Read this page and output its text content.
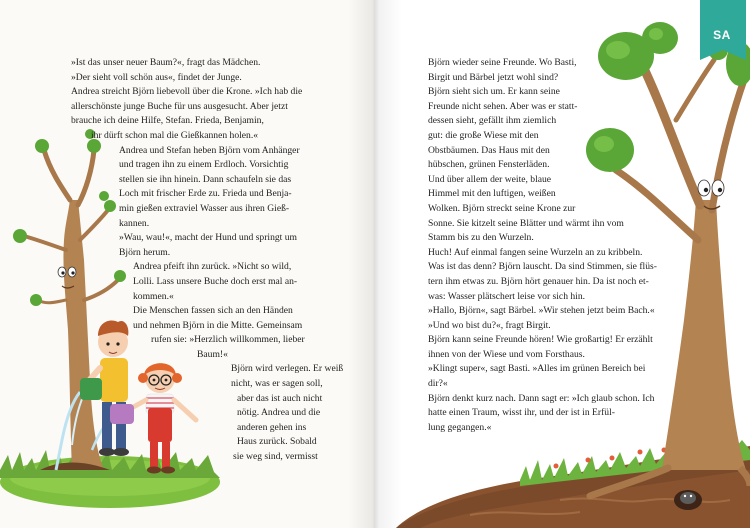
»Ist das unser neuer Baum?«, fragt das Mädchen.
»Der sieht voll schön aus«, findet der Junge.
Andrea streicht Björn liebevoll über die Krone. »Ich hab die
allerschönste junge Buche für uns ausgesucht. Aber jetzt
brauche ich deine Hilfe, Stefan. Frieda, Benjamin,
ihr dürft schon mal die Gießkannen holen.«
Andrea und Stefan heben Björn vom Anhänger
und tragen ihn zu einem Erdloch. Vorsichtig
stellen sie ihn hinein. Dann schaufeln sie das
Loch mit frischer Erde zu. Frieda und Benja-
min gießen extraviel Wasser aus ihren Gieß-
kannen.
»Wau, wau!«, macht der Hund und springt um
Björn herum.
Andrea pfeift ihn zurück. »Nicht so wild,
Lolli. Lass unsere Buche doch erst mal an-
kommen.«
Die Menschen fassen sich an den Händen
und nehmen Björn in die Mitte. Gemeinsam
rufen sie: »Herzlich willkommen, lieber
Baum!«
Björn wird verlegen. Er weiß
nicht, was er sagen soll,
aber das ist auch nicht
nötig. Andrea und die
anderen gehen ins
Haus zurück. Sobald
sie weg sind, vermisst
Björn wieder seine Freunde. Wo Basti,
Birgit und Bärbel jetzt wohl sind?
Björn sieht sich um. Er kann seine
Freunde nicht sehen. Aber was er statt-
dessen sieht, gefällt ihm ziemlich
gut: die große Wiese mit den
Obstbäumen. Das Haus mit den
hübschen, grünen Fensterläden.
Und über allem der weite, blaue
Himmel mit den luftigen, weißen
Wolken. Björn streckt seine Krone zur
Sonne. Sie kitzelt seine Blätter und wärmt ihn vom
Stamm bis zu den Wurzeln.
Huch! Auf einmal fangen seine Wurzeln an zu kribbeln.
Was ist das denn? Björn lauscht. Da sind Stimmen, sie flüs-
tern ihm etwas zu. Björn hört genauer hin. Da ist noch et-
was: Wasser plätschert leise vor sich hin.
»Hallo, Björn«, sagt Bärbel. »Wir stehen jetzt beim Bach.«
»Und wo bist du?«, fragt Birgit.
Björn kann seine Freunde hören! Wie großartig! Er erzählt
ihnen von der Wiese und vom Forsthaus.
»Klingt super«, sagt Basti. »Alles im grünen Bereich bei
dir?«
Björn denkt kurz nach. Dann sagt er: »Ich glaub schon. Ich
hatte einen Traum, wisst ihr, und der ist in Erfül-
lung gegangen.«
SA
